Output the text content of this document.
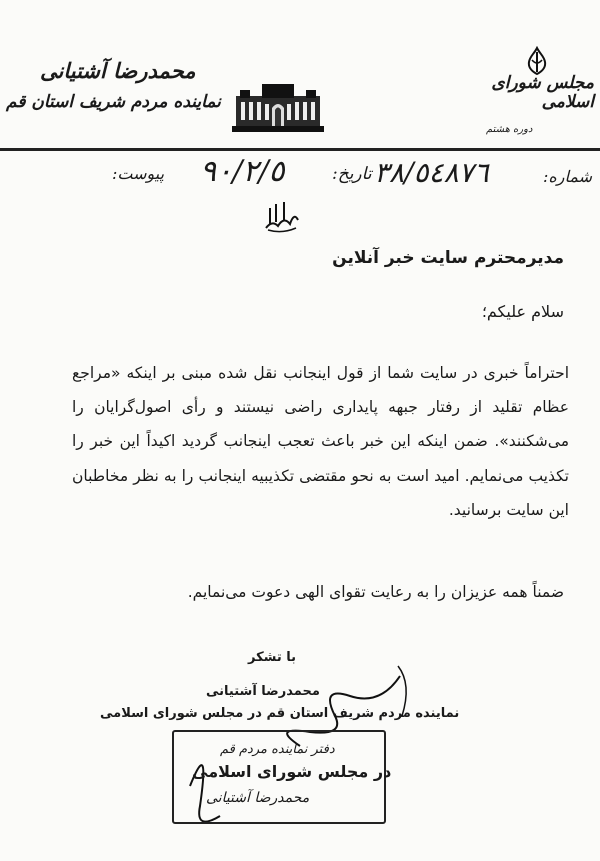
محمدرضا آشتیانی
نماینده مردم شریف استان قم
مجلس شورای اسلامی
دوره هشتم
شماره:
٣٨/٥٤٨٧٦
تاریخ:
٩٠/٢/٥
پیوست:
مدیرمحترم سایت خبر آنلاین
سلام علیکم؛

احتراماً خبری در سایت شما از قول اینجانب نقل شده مبنی بر اینکه «مراجع عظام تقلید از رفتار جبهه پایداری راضی نیستند و رأی اصول‌گرایان را می‌شکنند». ضمن اینکه این خبر باعث تعجب اینجانب گردید اکیداً این خبر را تکذیب می‌نمایم. امید است به نحو مقتضی تکذیبیه اینجانب را به نظر مخاطبان این سایت برسانید.

ضمناً همه عزیزان را به رعایت تقوای الهی دعوت می‌نمایم.
با تشکر
محمدرضا آشتیانی
نماینده مردم شریف استان قم در مجلس شورای اسلامی
دفتر نماینده مردم قم
در مجلس شورای اسلامی
محمدرضا آشتیانی
